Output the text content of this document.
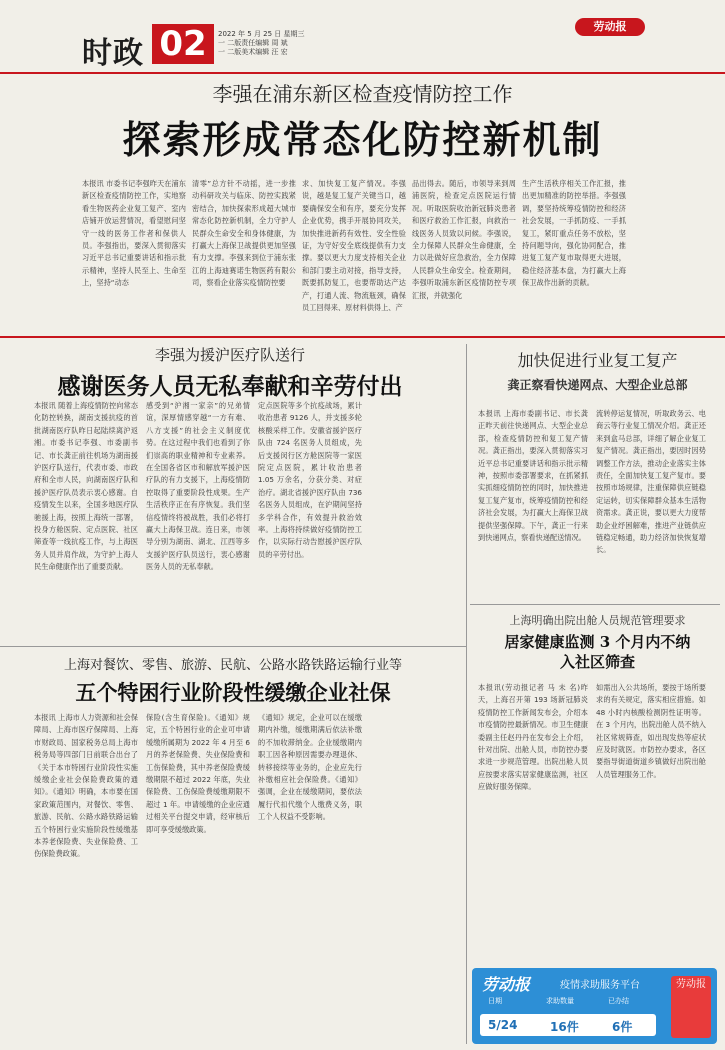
时政 02	2022 年 5 月 25 日 星期三
一 二版责任编辑 周 斌
一 二版美术编辑 汪 宏
劳动报
李强在浦东新区检查疫情防控工作
探索形成常态化防控新机制
本报讯 市委书记李强昨天在浦东新区检查疫情防控工作，实地察看生物医药企业复工复产、室内店铺开放运营情况，看望慰问坚守一线的医务工作者和保供人员。李强指出，要深入贯彻落实习近平总书记重要讲话和指示批示精神，坚持人民至上、生命至上，坚持“动态
清零”总方针不动摇，进一步推动科研攻关与临床、防控实践紧密结合，加快探索形成超大城市常态化防控新机制，全力守护人民群众生命安全和身体健康，为打赢大上海保卫战提供更加坚强有力支撑。李强来到位于浦东张江的上海迪赛诺生物医药有限公司，察看企业落实疫情防控要
求、加快复工复产情况。李强说，越是复工复产关键当口，越要确保安全和有序，要充分发挥企业优势，携手开展协同攻关，加快推进新药有效性、安全性验证，为守好安全底线提供有力支撑。要以更大力度支持相关企业和部门要主动对接，指导支持，既要抓防复工，也要帮助达产达产，打通人流、物流瓶颈，确保员工回得来、原材料供得上、产
品出得去。随后，市领导来到周浦医院，检查定点医院运行情况。听取医院收治新冠肺炎患者和医疗救治工作汇报，向救治一线医务人员致以问候。李强说，全力保障人民群众生命健康，全力以赴做好应急救治，全力保障人民群众生命安全。检查期间，李强听取浦东新区疫情防控专项汇报，并就强化
生产生活秩序相关工作汇报，推出更加精准的防控举措。李强强调，要坚持统筹疫情防控和经济社会发展，一手抓防疫、一手抓复工，紧盯重点任务不放松，坚持问题导向，强化协同配合，推进复工复产复市取得更大进展，稳住经济基本盘，为打赢大上海保卫战作出新的贡献。
李强为援沪医疗队送行
感谢医务人员无私奉献和辛劳付出
本报讯 随着上海疫情防控向常态化防控转换，湖南支援抗疫的首批湖南医疗队昨日起陆续离沪返湘。市委书记李强、市委副书记、市长龚正前往机场为湖南援沪医疗队送行，代表市委、市政府和全市人民，向湖南医疗队和援沪医疗队员表示衷心感谢。自疫情发生以来，全国多地医疗队驰援上海，按照上海统一部署，投身方舱医院、定点医院、社区筛查等一线抗疫工作，与上海医务人员并肩作战，为守护上海人民生命健康作出了重要贡献。
感受到“沪湘一家亲”的兄弟情谊，深厚情感穿越“一方有难、八方支援”的社会主义制度优势。在这过程中我们也看到了你们崇高的职业精神和专业素养。在全国各省区市和解放军援沪医疗队的有力支援下，上海疫情防控取得了重要阶段性成果。生产生活秩序正在有序恢复。我们坚信疫情终将被战胜，我们必将打赢大上海保卫战。连日来，市领导分别为湖南、湖北、江西等多支援沪医疗队员送行，衷心感谢医务人员的无私奉献。
定点医院等多个抗疫战场，累计收治患者 9126 人，并支援多轮核酸采样工作。安徽省援沪医疗队由 724 名医务人员组成，先后支援闵行区方舱医院等一家医院定点医院，累计收治患者 1.05 万余名，分获分类、对症治疗。湖北省援沪医疗队由 736 名医务人员组成，在沪期间坚持多学科合作，有效提升救治效率。上海将持续做好疫情防控工作，以实际行动告慰援沪医疗队员的辛劳付出。
加快促进行业复工复产
龚正察看快递网点、大型企业总部
本报讯 上海市委副书记、市长龚正昨天前往快递网点、大型企业总部，检查疫情防控和复工复产情况。龚正指出，要深入贯彻落实习近平总书记重要讲话和指示批示精神，按照市委部署要求，在抓紧抓实抓细疫情防控的同时，加快推进复工复产复市，统筹疫情防控和经济社会发展，为打赢大上海保卫战提供坚强保障。下午，龚正一行来到快递网点，察看快递配送情况。
流转停运复情况，听取政务云、电商云等行业复工情况介绍。龚正还来到盒马总部，详细了解企业复工复产情况。龚正指出，要因时因势调整工作方法，推动企业落实主体责任，全面加快复工复产复市。要按照市场规律，注重保障供应链稳定运转，切实保障群众基本生活物资需求。龚正说，要以更大力度帮助企业纾困解难，推进产业链供应链稳定畅通，助力经济加快恢复增长。
上海明确出院出舱人员规范管理要求
居家健康监测 3 个月内不纳入社区筛查
本报讯(劳动报记者 马 未 名)昨天，上海召开第 193 场新冠肺炎疫情防控工作新闻发布会，介绍本市疫情防控最新情况。市卫生健康委副主任赵丹丹在发布会上介绍，针对出院、出舱人员，市防控办要求进一步规范管理。出院出舱人员应按要求落实居家健康监测，社区应做好服务保障。
如需出入公共场所，要按于场所要求的有关规定，落实相应措施。如 48 小时内核酸检测阴性证明等。在 3 个月内，出院出舱人员不纳入社区常规筛查，如出现发热等症状应及时就医。市防控办要求，各区要指导街道街道乡镇做好出院出舱人员管理服务工作。
上海对餐饮、零售、旅游、民航、公路水路铁路运输行业等
五个特困行业阶段性缓缴企业社保
本报讯 上海市人力资源和社会保障局、上海市医疗保障局、上海市财政局、国家税务总局上海市税务局等四部门日前联合出台了《关于本市特困行业阶段性实施缓缴企业社会保险费政策的通知》。《通知》明确，本市要在国家政策范围内，对餐饮、零售、旅游、民航、公路水路铁路运输五个特困行业实施阶段性缓缴基本养老保险费、失业保险费、工伤保险费政策。
保险(含生育保险)。《通知》规定，五个特困行业的企业可申请缓缴所属期为 2022 年 4 月至 6 月的养老保险费、失业保险费和工伤保险费，其中养老保险费缓缴期限不超过 2022 年底，失业保险费、工伤保险费缓缴期限不超过 1 年。申请缓缴的企业应通过相关平台提交申请，经审核后即可享受缓缴政策。
《通知》规定，企业可以在缓缴期内补缴，缓缴期满后依法补缴的不加收滞纳金。企业缓缴期内职工因各种原因需要办理退休、转移接续等业务的，企业应先行补缴相应社会保险费。《通知》强调，企业在缓缴期间，要依法履行代扣代缴个人缴费义务，职工个人权益不受影响。
劳动报	疫情求助服务平台
日期	求助数量	已办结
5/24	16件	6件
劳动报
